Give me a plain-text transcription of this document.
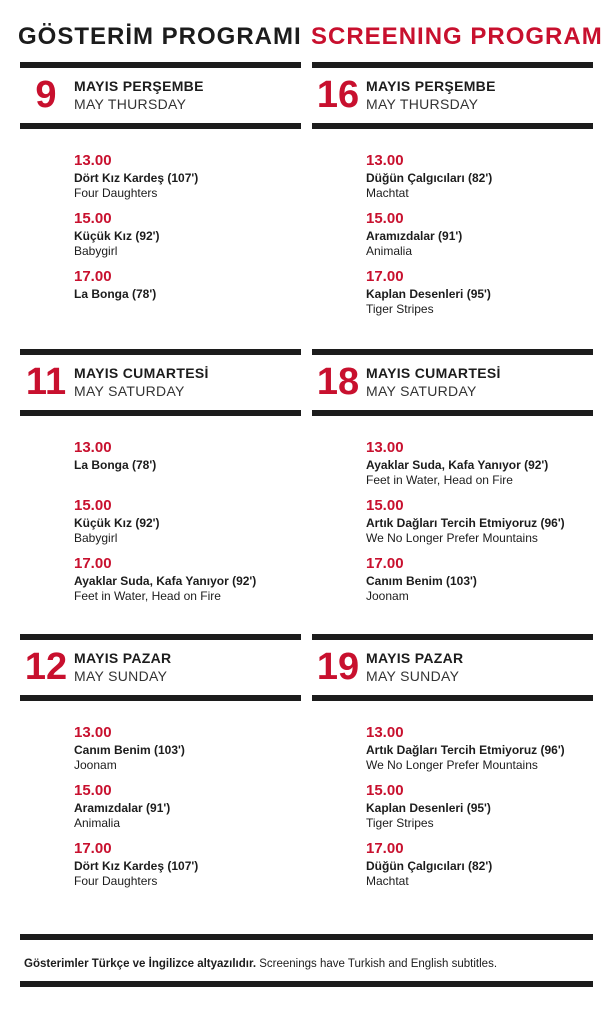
GÖSTERİM PROGRAMI SCREENING PROGRAM
9	MAYIS PERŞEMBE
MAY THURSDAY
13.00
Dört Kız Kardeş (107')
Four Daughters
15.00
Küçük Kız (92')
Babygirl
17.00
La Bonga (78')
16 MAYIS PERŞEMBE
MAY THURSDAY
13.00
Düğün Çalgıcıları (82')
Machtat
15.00
Aramızdalar (91')
Animalia
17.00
Kaplan Desenleri (95')
Tiger Stripes
11 MAYIS CUMARTESİ
MAY SATURDAY
13.00
La Bonga (78')
15.00
Küçük Kız (92')
Babygirl
17.00
Ayaklar Suda, Kafa Yanıyor (92')
Feet in Water, Head on Fire
18 MAYIS CUMARTESİ
MAY SATURDAY
13.00
Ayaklar Suda, Kafa Yanıyor (92')
Feet in Water, Head on Fire
15.00
Artık Dağları Tercih Etmiyoruz (96')
We No Longer Prefer Mountains
17.00
Canım Benim (103')
Joonam
12 MAYIS PAZAR
MAY SUNDAY
13.00
Canım Benim (103')
Joonam
15.00
Aramızdalar (91')
Animalia
17.00
Dört Kız Kardeş (107')
Four Daughters
19 MAYIS PAZAR
MAY SUNDAY
13.00
Artık Dağları Tercih Etmiyoruz (96')
We No Longer Prefer Mountains
15.00
Kaplan Desenleri (95')
Tiger Stripes
17.00
Düğün Çalgıcıları (82')
Machtat
Gösterimler Türkçe ve İngilizce altyazılıdır. Screenings have Turkish and English subtitles.
